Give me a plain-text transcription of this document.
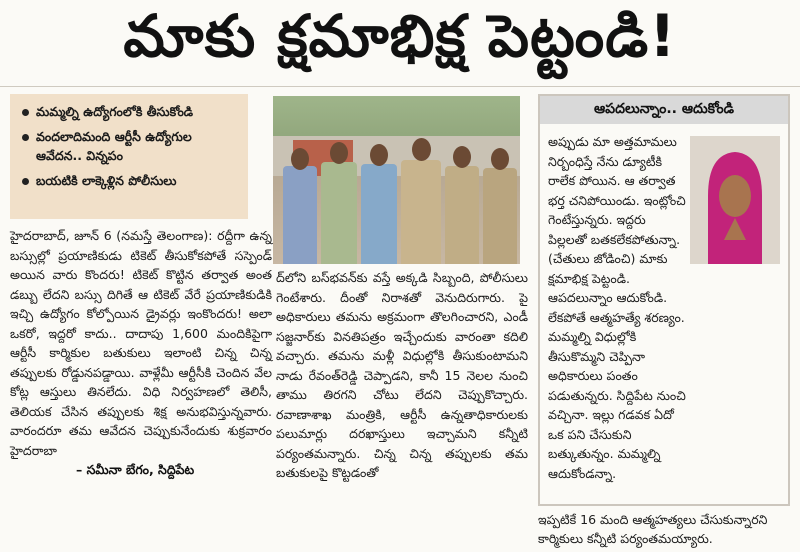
మాకు క్షమాభిక్ష పెట్టండి!
మమ్మల్ని ఉద్యోగంలోకి తీసుకోండి
వందలాదిమంది ఆర్టీసీ ఉద్యోగుల ఆవేదన.. విన్నపం
బయటికి లాక్కెళ్లిన పోలీసులు
హైదరాబాద్, జూన్ 6 (నమస్తే తెలంగాణ): రద్దీగా ఉన్న బస్సుల్లో ప్రయాణికుడు టికెట్ తీసుకోకపోతే సస్పెండ్ అయిన వారు కొందరు! టికెట్ కొట్టిన తర్వాత అంత డబ్బు లేదని బస్సు దిగితే ఆ టికెట్ వేరే ప్రయాణికుడికి ఇచ్చి ఉద్యోగం కోల్పోయిన డ్రైవర్లు ఇంకొందరు! అలా ఒకరో, ఇద్దరో కాదు.. దాదాపు 1,600 మందికిపైగా ఆర్టీసీ కార్మికుల బతుకులు ఇలాంటి చిన్న చిన్న తప్పులకు రోడ్డునపడ్డాయి. వాళ్లేమీ ఆర్టీసీకి చెందిన వేల కోట్ల ఆస్తులు తినలేదు. విధి నిర్వహణలో తెలిసీ, తెలియక చేసిన తప్పులకు శిక్ష అనుభవిస్తున్నవారు. వారందరూ తమ ఆవేదన చెప్పుకునేందుకు శుక్రవారం హైదరాబా
ద్‌లోని బస్‌భవన్‌కు వస్తే అక్కడి సిబ్బంది, పోలీసులు గెంటేశారు. దీంతో నిరాశతో వెనుదిరుగారు. పై అధికారులు తమను అక్రమంగా తొలగించారని, ఎండీ సజ్జనార్‌కు వినతిపత్రం ఇచ్చేందుకు వారంతా కదిలి వచ్చారు. తమను మళ్లీ విధుల్లోకి తీసుకుంటామని నాడు రేవంత్‌రెడ్డి చెప్పాడని, కానీ 15 నెలల నుంచి తాము తిరగని చోటు లేదని చెప్పుకొచ్చారు. రవాణాశాఖ మంత్రికి, ఆర్టీసీ ఉన్నతాధికారులకు పలుమార్లు దరఖాస్తులు ఇచ్చామని కన్నీటి పర్యంతమన్నారు. చిన్న చిన్న తప్పులకు తమ బతుకులపై కొట్టడంతో
ఆపదలున్నాం.. ఆదుకోండి
అప్పుడు మా అత్తమామలు నిర్బంధిస్తే నేను డ్యూటీకి రాలేక పోయిన. ఆ తర్వాత భర్త చనిపోయిండు. ఇంట్లోంచి గెంటేస్తున్నరు. ఇద్దరు పిల్లలతో బతకలేకపోతున్నా. (చేతులు జోడించి) మాకు క్షమాభిక్ష పెట్టండి. ఆపదలున్నాం ఆదుకోండి. లేకపోతే ఆత్మహత్యే శరణ్యం. మమ్మల్ని విధుల్లోకి తీసుకొమ్మని చెప్పినా అధికారులు పంతం పడుతున్నరు. సిద్దిపేట నుంచి వచ్చినా. ఇల్లు గడవక ఏదో ఒక పని చేసుకుని బత్కుతున్నం. మమ్మల్ని ఆదుకోండన్నా.
– సమీనా బేగం, సిద్దిపేట
ఇప్పటికే 16 మంది ఆత్మహత్యలు చేసుకున్నారని కార్మికులు కన్నీటి పర్యంతమయ్యారు.
